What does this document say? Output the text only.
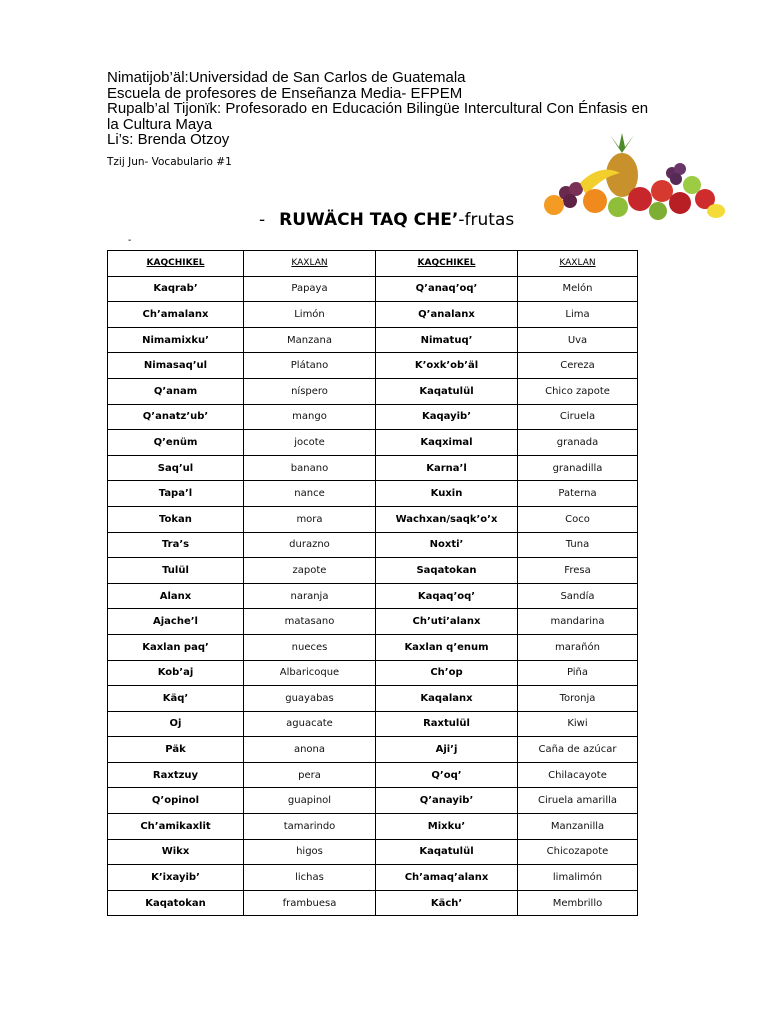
Nimatijob’äl:Universidad de San Carlos de Guatemala
Escuela de profesores de Enseñanza Media- EFPEM
Rupalb’al Tijonïk: Profesorado en Educación Bilingüe Intercultural Con Énfasis en
la Cultura Maya
Li’s: Brenda Otzoy
Tzij Jun- Vocabulario #1
- RUWÄCH TAQ CHE’-frutas
-
KAQCHIKEL	KAXLAN	KAQCHIKEL	KAXLAN
Kaqrab’	Papaya	Q’anaq’oq’	Melón
Ch’amalanx	Limón	Q’analanx	Lima
Nimamixku’	Manzana	Nimatuq’	Uva
Nimasaq’ul	Plátano	K’oxk’ob’äl	Cereza
Q’anam	níspero	Kaqatulül	Chico zapote
Q’anatz’ub’	mango	Kaqayib’	Ciruela
Q’enüm	jocote	Kaqximal	granada
Saq’ul	banano	Karna’l	granadilla
Tapa’l	nance	Kuxin	Paterna
Tokan	mora	Wachxan/saqk’o’x	Coco
Tra’s	durazno	Noxti’	Tuna
Tulül	zapote	Saqatokan	Fresa
Alanx	naranja	Kaqaq’oq’	Sandía
Ajache’l	matasano	Ch’uti’alanx	mandarina
Kaxlan paq’	nueces	Kaxlan q’enum	marañón
Kob’aj	Albaricoque	Ch’op	Piña
Käq’	guayabas	Kaqalanx	Toronja
Oj	aguacate	Raxtulül	Kiwi
Päk	anona	Aji’j	Caña de azúcar
Raxtzuy	pera	Q’oq’	Chilacayote
Q’opinol	guapinol	Q’anayib’	Ciruela amarilla
Ch’amikaxlit	tamarindo	Mixku’	Manzanilla
Wikx	higos	Kaqatulül	Chicozapote
K’ixayib’	lichas	Ch’amaq’alanx	limalimón
Kaqatokan	frambuesa	Käch’	Membrillo
